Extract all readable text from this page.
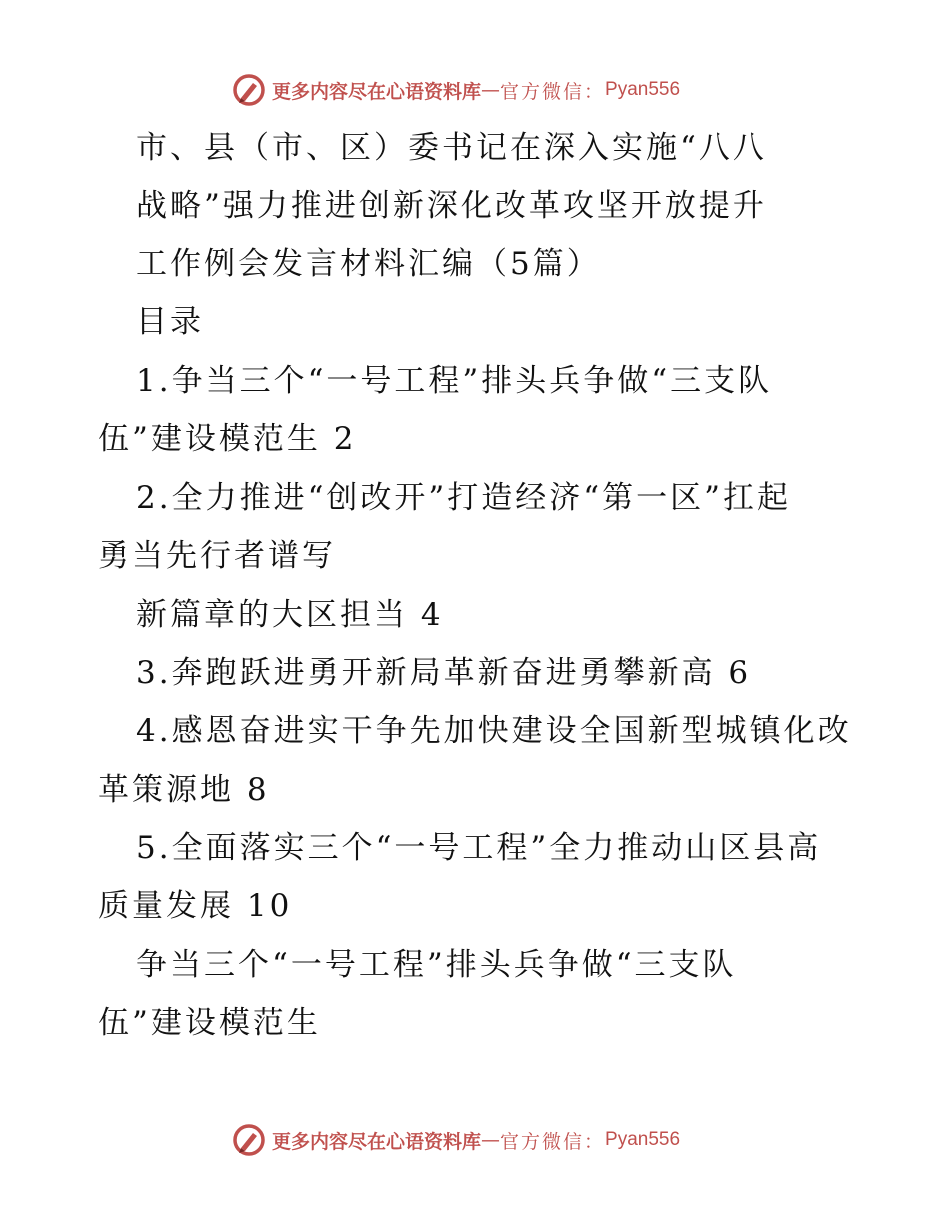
更多内容尽在心语资料库 — 官方微信： Pyan556
市、县（市、区）委书记在深入实施“八八
战略”强力推进创新深化改革攻坚开放提升
工作例会发言材料汇编（5篇）
目录
1.争当三个“一号工程”排头兵争做“三支队
伍”建设模范生 2
2.全力推进“创改开”打造经济“第一区”扛起
勇当先行者谱写
新篇章的大区担当 4
3.奔跑跃进勇开新局革新奋进勇攀新高 6
4.感恩奋进实干争先加快建设全国新型城镇化改
革策源地 8
5.全面落实三个“一号工程”全力推动山区县高
质量发展 10
争当三个“一号工程”排头兵争做“三支队
伍”建设模范生
更多内容尽在心语资料库 — 官方微信： Pyan556
